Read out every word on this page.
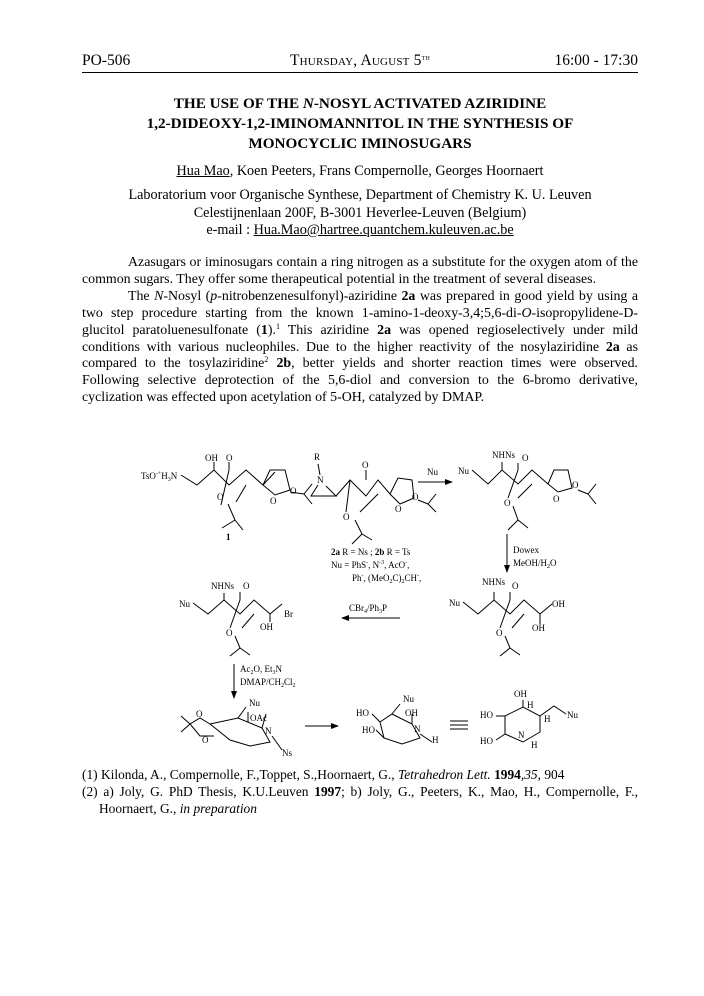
PO-506	Thursday, August 5th	16:00 - 17:30
THE USE OF THE N-NOSYL ACTIVATED AZIRIDINE
1,2-DIDEOXY-1,2-IMINOMANNITOL IN THE SYNTHESIS OF
MONOCYCLIC IMINOSUGARS
Hua Mao, Koen Peeters, Frans Compernolle, Georges Hoornaert
Laboratorium voor Organische Synthese, Department of Chemistry K. U. Leuven
Celestijnenlaan 200F, B-3001 Heverlee-Leuven (Belgium)
e-mail : Hua.Mao@hartree.quantchem.kuleuven.ac.be

Azasugars or iminosugars contain a ring nitrogen as a substitute for the oxygen atom of the common sugars. They offer some therapeutical potential in the treatment of several diseases.

The N-Nosyl (p-nitrobenzenesulfonyl)-aziridine 2a was prepared in good yield by using a two step procedure starting from the known 1-amino-1-deoxy-3,4;5,6-di-O-isopropylidene-D-glucitol paratoluenesulfonate (1).$^1$ This aziridine 2a was opened regioselectively under mild conditions with various nucleophiles. Due to the higher reactivity of the nosylaziridine 2a as compared to the tosylaziridine$^2$ 2b, better yields and shorter reaction times were observed. Following selective deprotection of the 5,6-diol and conversion to the 6-bromo derivative, cyclization was effected upon acetylation of 5-OH, catalyzed by DMAP.

$TsO^-+H_3N$
OH O
O	O
O
1
R
N
O
O
O
O
2a R = Ns ; 2b R = Ts
Nu = PhS-, N-3, AcO-,
Ph-, $(MeO_2C)_2CH^-$,
Nu Nu
NHNs O
O	O
O
Dowex
MeOH/$H_2O$
Nu
NHNs O
O	OH
OH
$CBr_4/Ph_3P$
Nu
NHNs O
O
OH
Br
$Ac_2O$, $Et_3N$
DMAP/$CH_2Cl_2$
Nu
OAc
N
Ns
O
O
Nu
OH
HO
N
H
HO
OH
H
HO	H Nu
N
H
HO
(1) Kilonda, A., Compernolle, F.,Toppet, S.,Hoornaert, G., Tetrahedron Lett. 1994,35, 904
(2) a) Joly, G. PhD Thesis, K.U.Leuven 1997; b) Joly, G., Peeters, K., Mao, H., Compernolle, F., Hoornaert, G., in preparation
